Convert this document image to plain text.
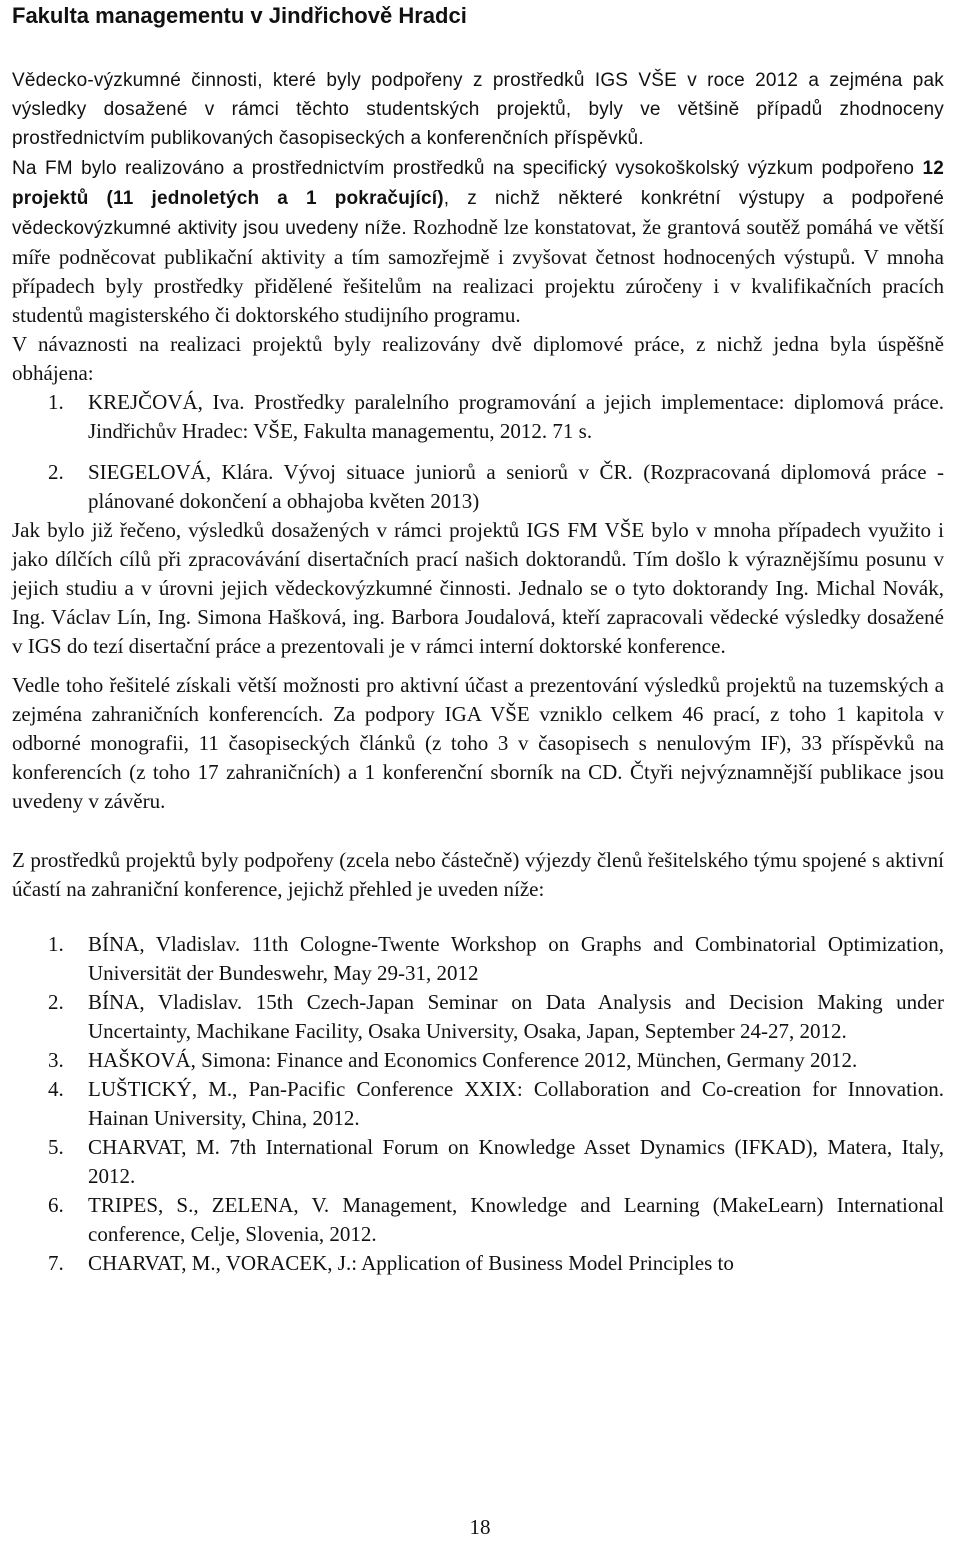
Fakulta managementu v Jindřichově Hradci

Vědecko-výzkumné činnosti, které byly podpořeny z prostředků IGS VŠE v roce 2012 a zejména pak výsledky dosažené v rámci těchto studentských projektů, byly ve většině případů zhodnoceny prostřednictvím publikovaných časopiseckých a konferenčních příspěvků.

Na FM bylo realizováno a prostřednictvím prostředků na specifický vysokoškolský výzkum podpořeno 12 projektů (11 jednoletých a 1 pokračující), z nichž některé konkrétní výstupy a podpořené vědeckovýzkumné aktivity jsou uvedeny níže. Rozhodně lze konstatovat, že grantová soutěž pomáhá ve větší míře podněcovat publikační aktivity a tím samozřejmě i zvyšovat četnost hodnocených výstupů. V mnoha případech byly prostředky přidělené řešitelům na realizaci projektu zúročeny i v kvalifikačních pracích studentů magisterského či doktorského studijního programu.

V návaznosti na realizaci projektů byly realizovány dvě diplomové práce, z nichž jedna byla úspěšně obhájena:

1. KREJČOVÁ, Iva. Prostředky paralelního programování a jejich implementace: diplomová práce. Jindřichův Hradec: VŠE, Fakulta managementu, 2012. 71 s.
2. SIEGELOVÁ, Klára. Vývoj situace juniorů a seniorů v ČR. (Rozpracovaná diplomová práce - plánované dokončení a obhajoba květen 2013)

Jak bylo již řečeno, výsledků dosažených v rámci projektů IGS FM VŠE bylo v mnoha případech využito i jako dílčích cílů při zpracovávání disertačních prací našich doktorandů. Tím došlo k výraznějšímu posunu v jejich studiu a v úrovni jejich vědeckovýzkumné činnosti. Jednalo se o tyto doktorandy Ing. Michal Novák, Ing. Václav Lín, Ing. Simona Hašková, ing. Barbora Joudalová, kteří zapracovali vědecké výsledky dosažené v IGS do tezí disertační práce a prezentovali je v rámci interní doktorské konference.

Vedle toho řešitelé získali větší možnosti pro aktivní účast a prezentování výsledků projektů na tuzemských a zejména zahraničních konferencích. Za podpory IGA VŠE vzniklo celkem 46 prací, z toho 1 kapitola v odborné monografii, 11 časopiseckých článků (z toho 3 v časopisech s nenulovým IF), 33 příspěvků na konferencích (z toho 17 zahraničních) a 1 konferenční sborník na CD. Čtyři nejvýznamnější publikace jsou uvedeny v závěru.

Z prostředků projektů byly podpořeny (zcela nebo částečně) výjezdy členů řešitelského týmu spojené s aktivní účastí na zahraniční konference, jejichž přehled je uveden níže:

1. BÍNA, Vladislav. 11th Cologne-Twente Workshop on Graphs and Combinatorial Optimization, Universität der Bundeswehr, May 29-31, 2012
2. BÍNA, Vladislav. 15th Czech-Japan Seminar on Data Analysis and Decision Making under Uncertainty, Machikane Facility, Osaka University, Osaka, Japan, September 24-27, 2012.
3. HAŠKOVÁ, Simona: Finance and Economics Conference 2012, München, Germany 2012.
4. LUŠTICKÝ, M., Pan-Pacific Conference XXIX: Collaboration and Co-creation for Innovation. Hainan University, China, 2012.
5. CHARVAT, M. 7th International Forum on Knowledge Asset Dynamics (IFKAD), Matera, Italy, 2012.
6. TRIPES, S., ZELENA, V. Management, Knowledge and Learning (MakeLearn) International conference, Celje, Slovenia, 2012.
7. CHARVAT, M., VORACEK, J.: Application of Business Model Principles to
18
